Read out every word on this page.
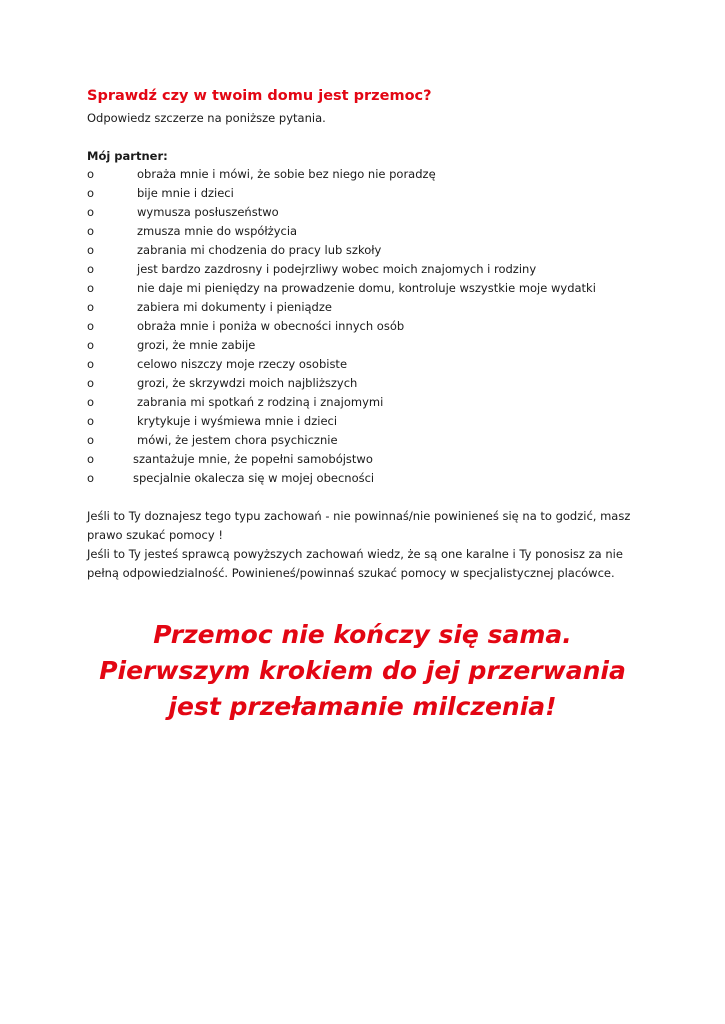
Sprawdź czy w twoim domu jest przemoc?
Odpowiedz szczerze na poniższe pytania.
Mój partner:
o	obraża mnie i mówi, że sobie bez niego nie poradzę
o	bije mnie i dzieci
o	wymusza posłuszeństwo
o	zmusza mnie do współżycia
o	zabrania mi chodzenia do pracy lub szkoły
o	jest bardzo zazdrosny i podejrzliwy wobec moich znajomych i rodziny
o	nie daje mi pieniędzy na prowadzenie domu, kontroluje wszystkie moje wydatki
o	zabiera mi dokumenty i pieniądze
o	obraża mnie i poniża w obecności innych osób
o	grozi, że mnie zabije
o	celowo niszczy moje rzeczy osobiste
o	grozi, że skrzywdzi moich najbliższych
o	zabrania mi spotkań z rodziną i znajomymi
o	krytykuje i wyśmiewa mnie i dzieci
o	mówi, że jestem chora psychicznie
o	szantażuje mnie, że popełni samobójstwo
o	specjalnie okalecza się w mojej obecności
Jeśli to Ty doznajesz tego typu zachowań - nie powinnaś/nie powinieneś się na to godzić, masz prawo szukać pomocy !
Jeśli to Ty jesteś sprawcą powyższych zachowań wiedz, że są one karalne i Ty ponosisz za nie pełną odpowiedzialność. Powinieneś/powinnaś szukać pomocy w specjalistycznej placówce.
Przemoc nie kończy się sama.
Pierwszym krokiem do jej przerwania
jest przełamanie milczenia!
